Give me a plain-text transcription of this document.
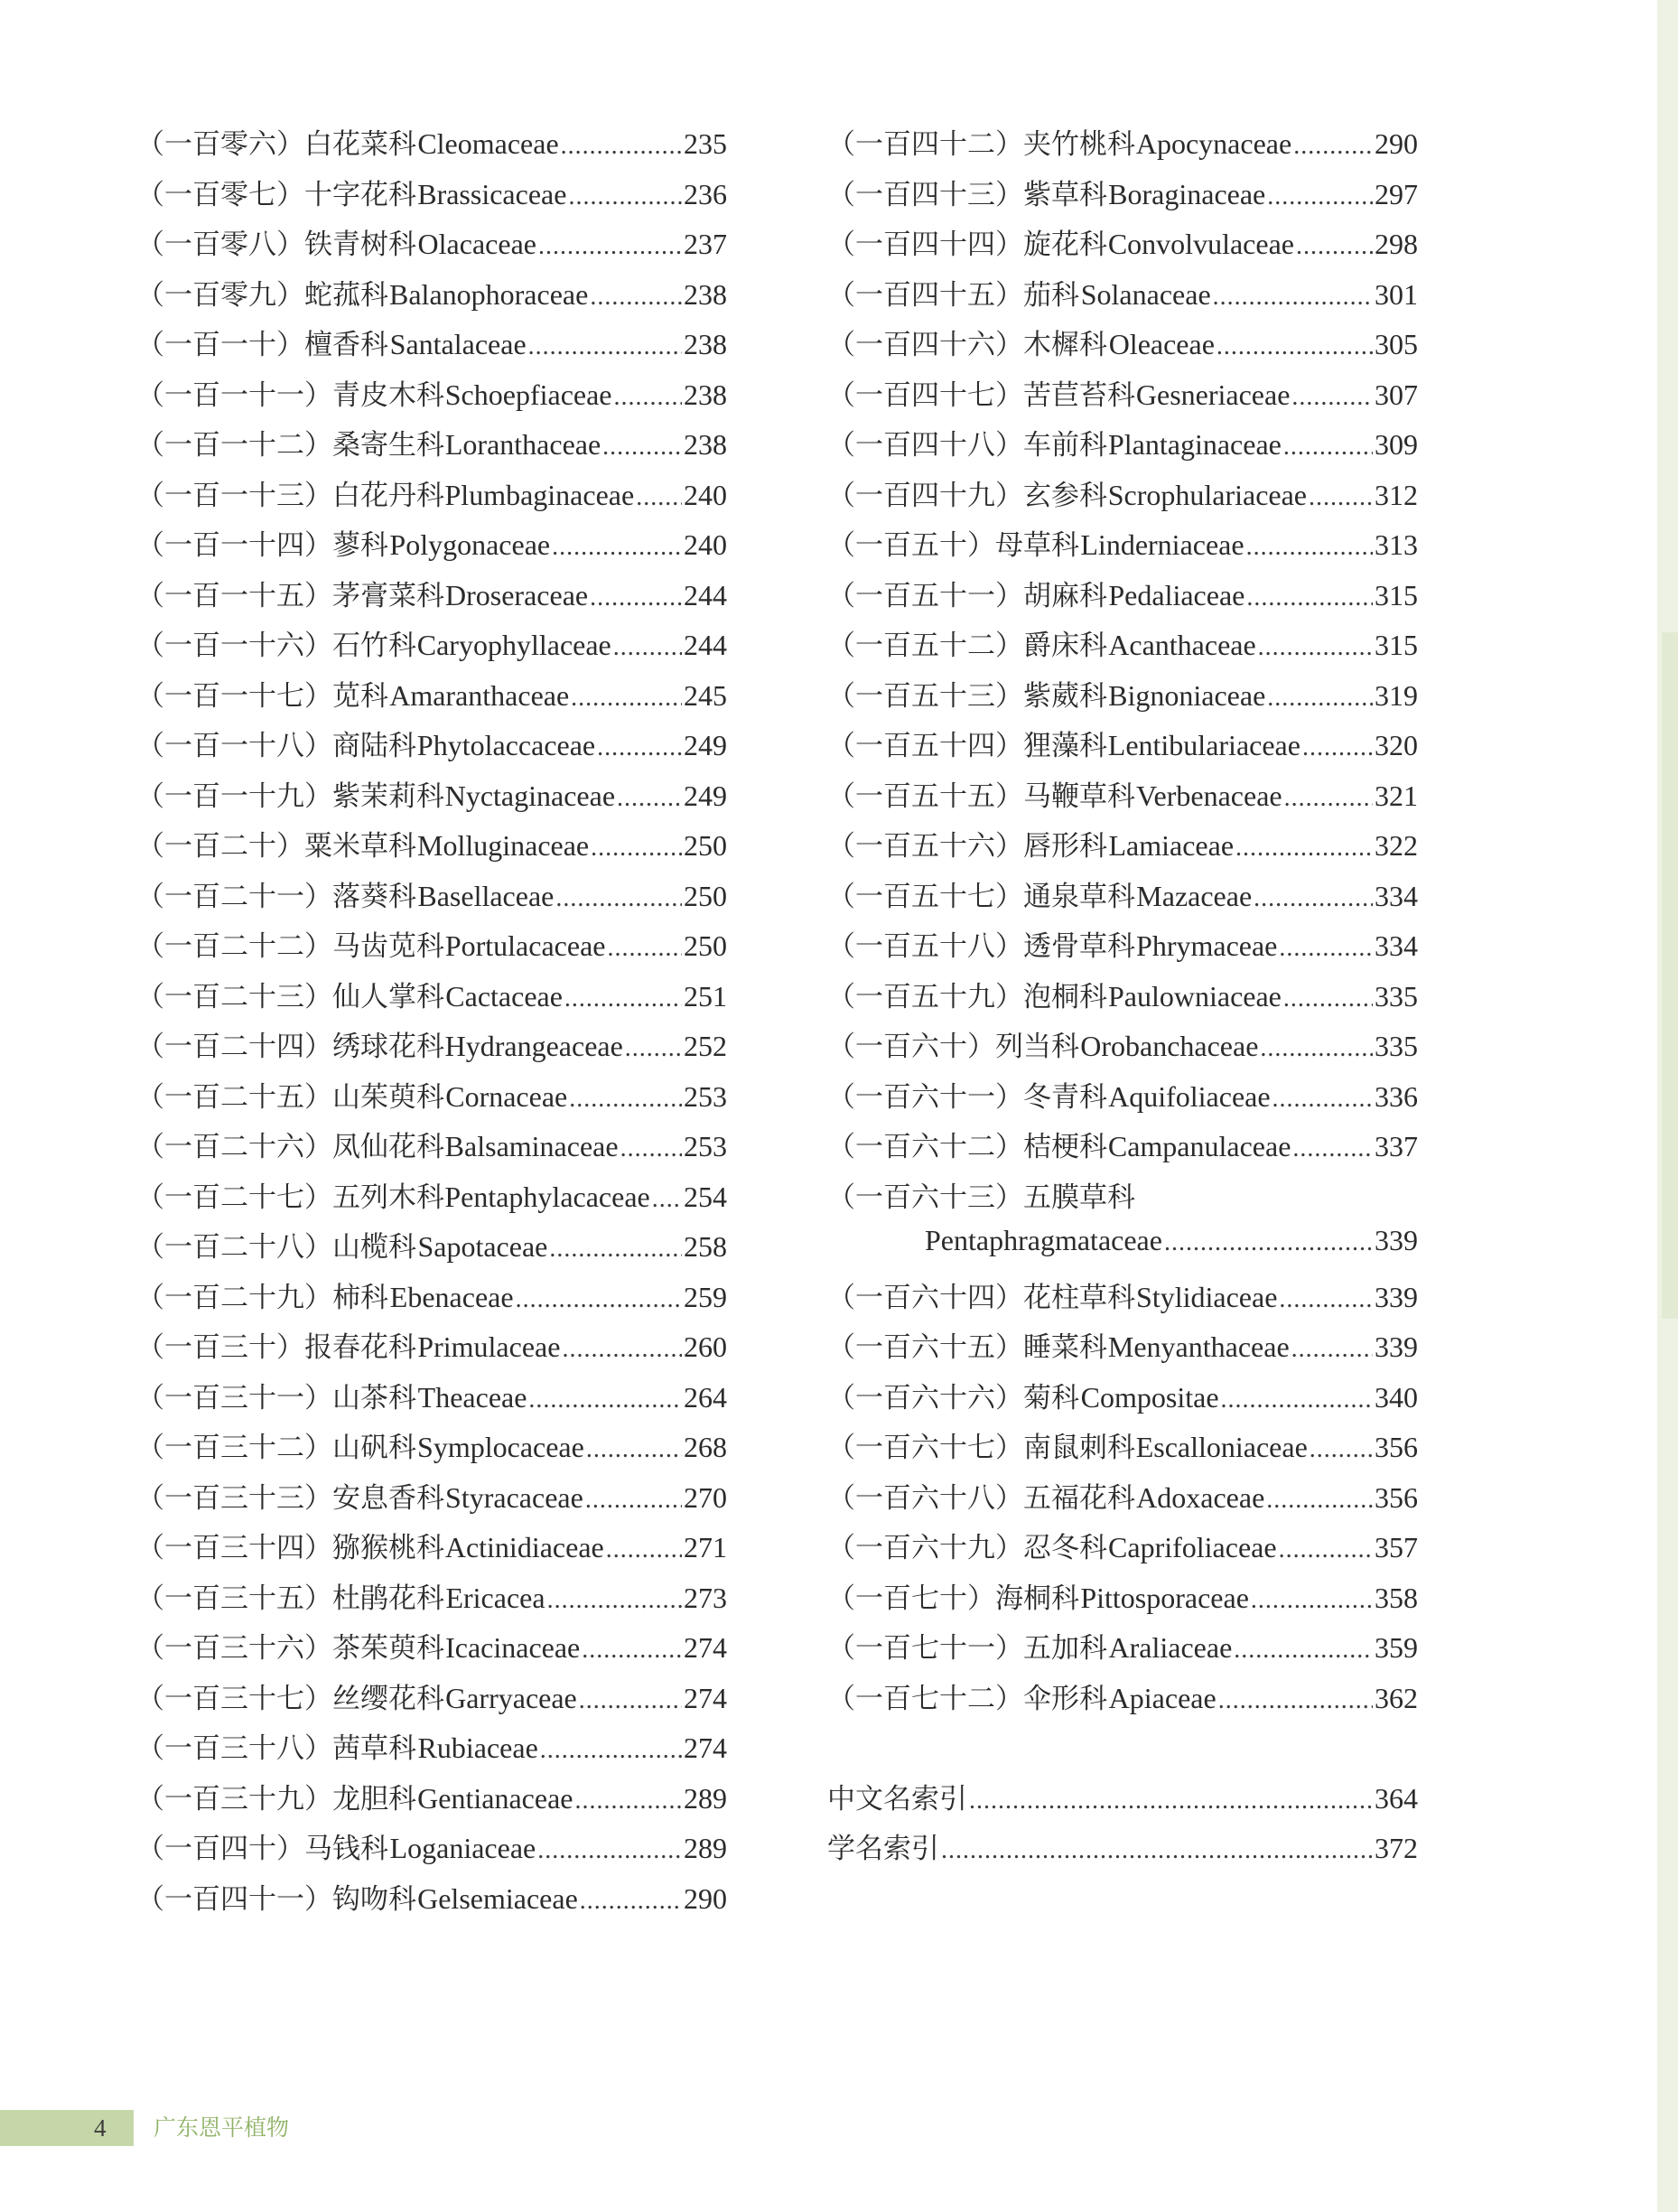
（一百零六）白花菜科 Cleomaceae .....	235
（一百零七）十字花科 Brassicaceae .....	236
（一百零八）铁青树科 Olacaceae .....	237
（一百零九）蛇菰科 Balanophoraceae .....	238
（一百一十）檀香科 Santalaceae .....	238
（一百一十一）青皮木科 Schoepfiaceae ..... 238
（一百一十二）桑寄生科 Loranthaceae .....	238
（一百一十三）白花丹科 Plumbaginaceae ..... 240
（一百一十四）蓼科 Polygonaceae .....	240
（一百一十五）茅膏菜科 Droseraceae .....	244
（一百一十六）石竹科 Caryophyllaceae .....	244
（一百一十七）苋科 Amaranthaceae .....	245
（一百一十八）商陆科 Phytolaccaceae .....	249
（一百一十九）紫茉莉科 Nyctaginaceae ..... 249
（一百二十）粟米草科 Molluginaceae .....	250
（一百二十一）落葵科 Basellaceae .....	250
（一百二十二）马齿苋科 Portulacaceae .....	250
（一百二十三）仙人掌科 Cactaceae .....	251
（一百二十四）绣球花科 Hydrangeaceae ..... 252
（一百二十五）山茱萸科 Cornaceae .....	253
（一百二十六）凤仙花科 Balsaminaceae ..... 253
（一百二十七）五列木科 Pentaphylacaceae ..... 254
（一百二十八）山榄科 Sapotaceae .....	258
（一百二十九）柿科 Ebenaceae .....	259
（一百三十）报春花科 Primulaceae .....	260
（一百三十一）山茶科 Theaceae .....	264
（一百三十二）山矾科 Symplocaceae .....	268
（一百三十三）安息香科 Styracaceae .....	270
（一百三十四）猕猴桃科 Actinidiaceae .....	271
（一百三十五）杜鹃花科 Ericacea .....	273
（一百三十六）茶茱萸科 Icacinaceae .....	274
（一百三十七）丝缨花科 Garryaceae .....	274
（一百三十八）茜草科 Rubiaceae .....	274
（一百三十九）龙胆科 Gentianaceae .....	289
（一百四十）马钱科 Loganiaceae .....	289
（一百四十一）钩吻科 Gelsemiaceae .....	290
（一百四十二）夹竹桃科 Apocynaceae .....	290
（一百四十三）紫草科 Boraginaceae .....	297
（一百四十四）旋花科 Convolvulaceae .....	298
（一百四十五）茄科 Solanaceae .....	301
（一百四十六）木樨科 Oleaceae .....	305
（一百四十七）苦苣苔科 Gesneriaceae .....	307
（一百四十八）车前科 Plantaginaceae .....	309
（一百四十九）玄参科 Scrophulariaceae ..... 312
（一百五十）母草科 Linderniaceae .....	313
（一百五十一）胡麻科 Pedaliaceae .....	315
（一百五十二）爵床科 Acanthaceae .....	315
（一百五十三）紫葳科 Bignoniaceae .....	319
（一百五十四）狸藻科 Lentibulariaceae .....	320
（一百五十五）马鞭草科 Verbenaceae .....	321
（一百五十六）唇形科 Lamiaceae .....	322
（一百五十七）通泉草科 Mazaceae .....	334
（一百五十八）透骨草科 Phrymaceae .....	334
（一百五十九）泡桐科 Paulowniaceae .....	335
（一百六十）列当科 Orobanchaceae .....	335
（一百六十一）冬青科 Aquifoliaceae .....	336
（一百六十二）桔梗科 Campanulaceae .....	337
（一百六十三）五膜草科
Pentaphragmataceae .....	339
（一百六十四）花柱草科 Stylidiaceae .....	339
（一百六十五）睡菜科 Menyanthaceae .....	339
（一百六十六）菊科 Compositae .....	340
（一百六十七）南鼠刺科 Escalloniaceae ..... 356
（一百六十八）五福花科 Adoxaceae .....	356
（一百六十九）忍冬科 Caprifoliaceae .....	357
（一百七十）海桐科 Pittosporaceae .....	358
（一百七十一）五加科 Araliaceae .....	359
（一百七十二）伞形科 Apiaceae .....	362
中文名索引 .....	364
学名索引 .....	372
4 广东恩平植物
